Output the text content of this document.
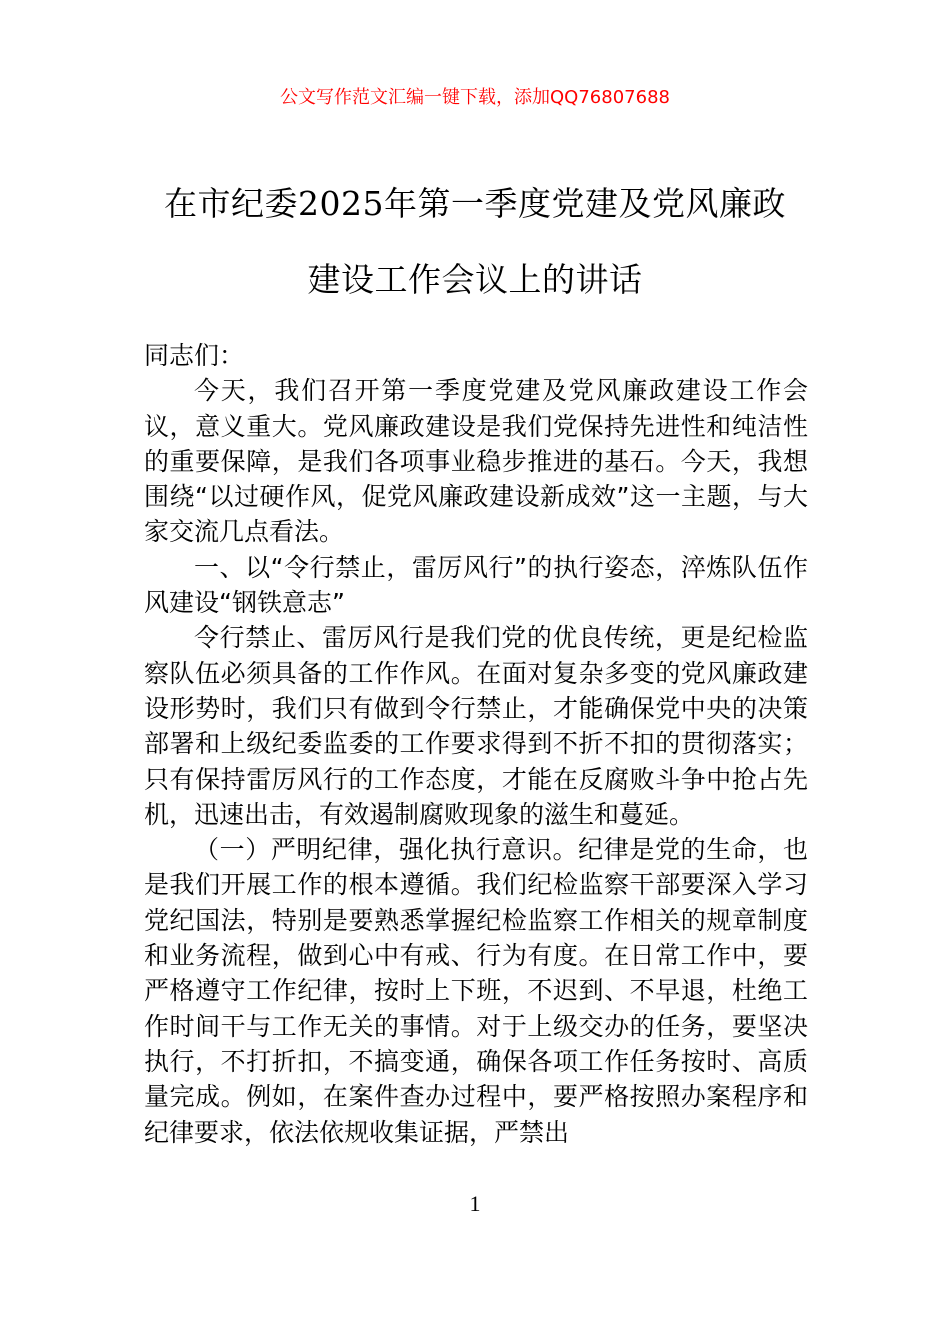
公文写作范文汇编一键下载，添加QQ76807688
在市纪委2025年第一季度党建及党风廉政
建设工作会议上的讲话

同志们：

今天，我们召开第一季度党建及党风廉政建设工作会议，意义重大。党风廉政建设是我们党保持先进性和纯洁性的重要保障，是我们各项事业稳步推进的基石。今天，我想围绕“以过硬作风，促党风廉政建设新成效”这一主题，与大家交流几点看法。

一、以“令行禁止，雷厉风行”的执行姿态，淬炼队伍作风建设“钢铁意志”

令行禁止、雷厉风行是我们党的优良传统，更是纪检监察队伍必须具备的工作作风。在面对复杂多变的党风廉政建设形势时，我们只有做到令行禁止，才能确保党中央的决策部署和上级纪委监委的工作要求得到不折不扣的贯彻落实；只有保持雷厉风行的工作态度，才能在反腐败斗争中抢占先机，迅速出击，有效遏制腐败现象的滋生和蔓延。

（一）严明纪律，强化执行意识。纪律是党的生命，也是我们开展工作的根本遵循。我们纪检监察干部要深入学习党纪国法，特别是要熟悉掌握纪检监察工作相关的规章制度和业务流程，做到心中有戒、行为有度。在日常工作中，要严格遵守工作纪律，按时上下班，不迟到、不早退，杜绝工作时间干与工作无关的事情。对于上级交办的任务，要坚决执行，不打折扣，不搞变通，确保各项工作任务按时、高质量完成。例如，在案件查办过程中，要严格按照办案程序和纪律要求，依法依规收集证据，严禁出

1
